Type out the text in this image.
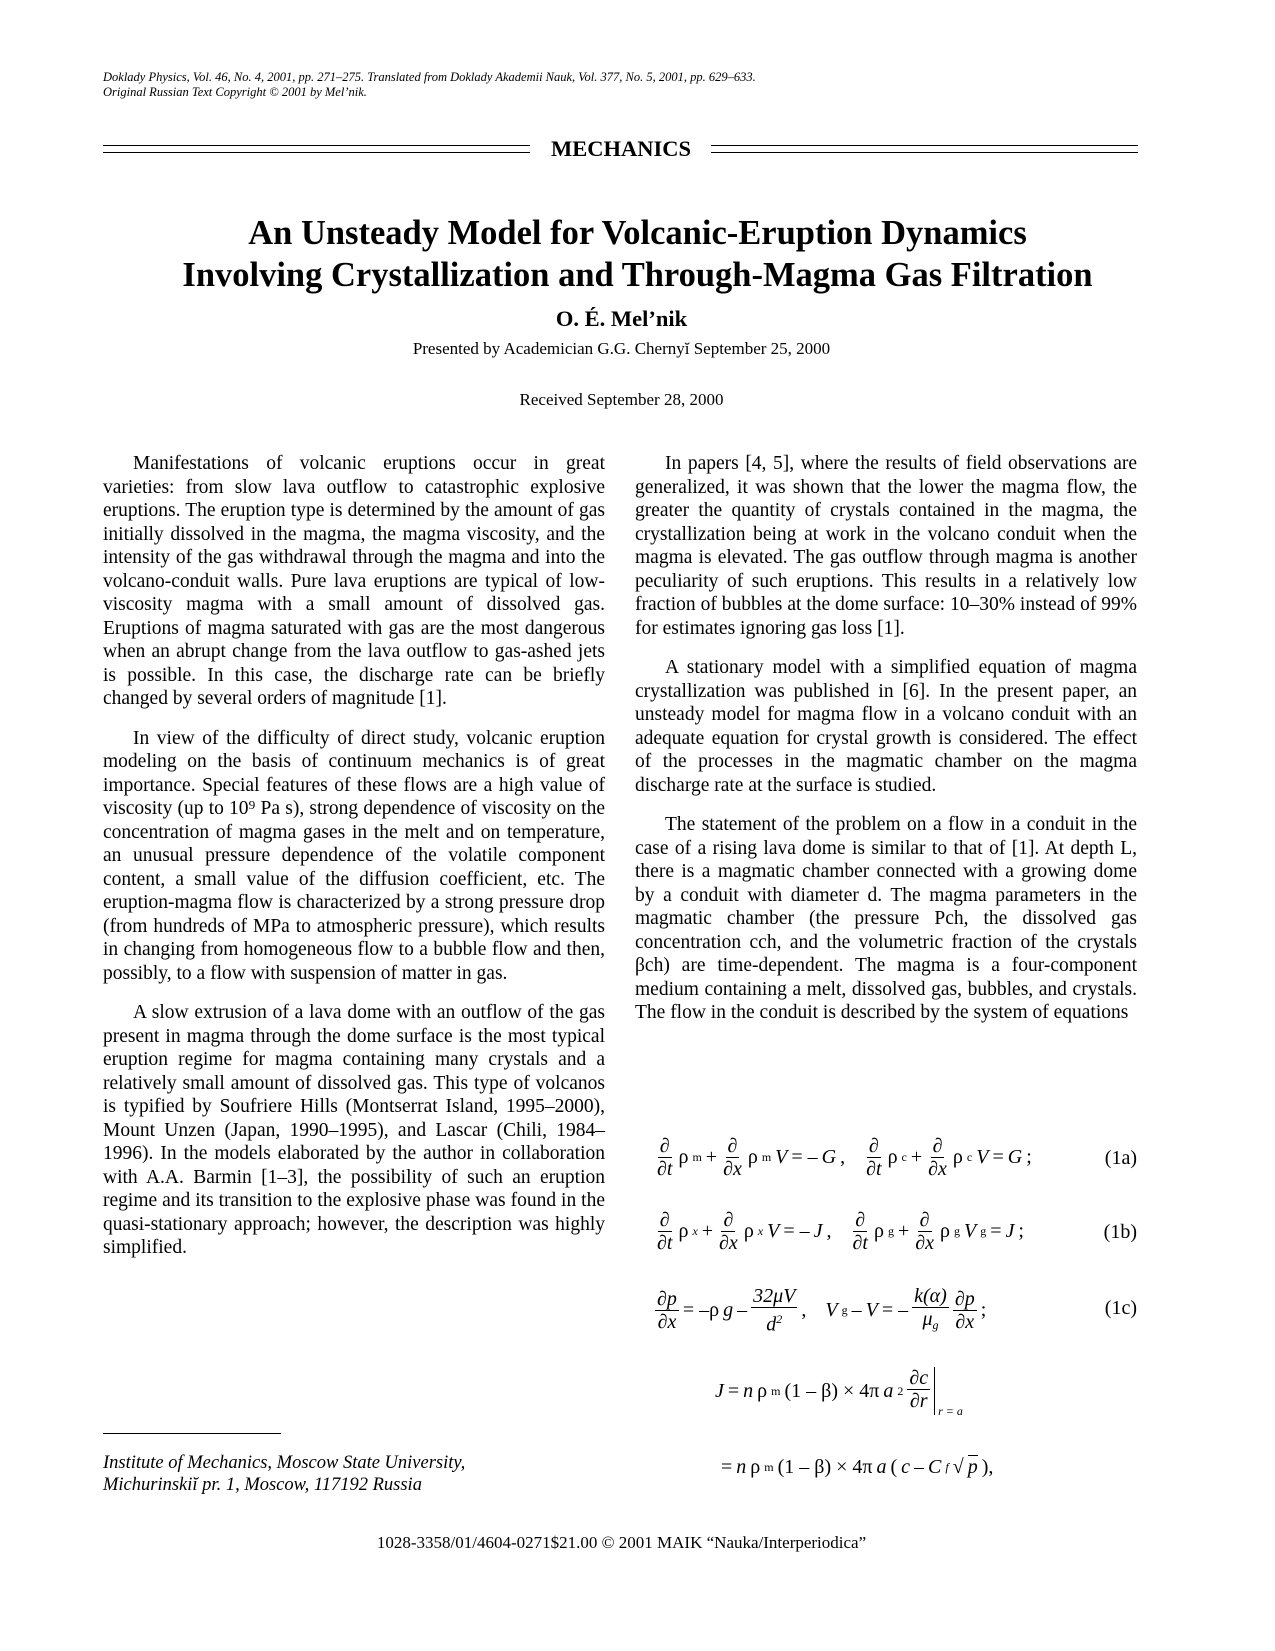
Doklady Physics, Vol. 46, No. 4, 2001, pp. 271–275. Translated from Doklady Akademii Nauk, Vol. 377, No. 5, 2001, pp. 629–633.
Original Russian Text Copyright © 2001 by Mel’nik.
MECHANICS
An Unsteady Model for Volcanic-Eruption Dynamics
Involving Crystallization and Through-Magma Gas Filtration
O. É. Mel’nik
Presented by Academician G.G. Chernyĭ September 25, 2000
Received September 28, 2000

Manifestations of volcanic eruptions occur in great varieties: from slow lava outflow to catastrophic explosive eruptions. The eruption type is determined by the amount of gas initially dissolved in the magma, the magma viscosity, and the intensity of the gas withdrawal through the magma and into the volcano-conduit walls. Pure lava eruptions are typical of low-viscosity magma with a small amount of dissolved gas. Eruptions of magma saturated with gas are the most dangerous when an abrupt change from the lava outflow to gas-ashed jets is possible. In this case, the discharge rate can be briefly changed by several orders of magnitude [1].

In view of the difficulty of direct study, volcanic eruption modeling on the basis of continuum mechanics is of great importance. Special features of these flows are a high value of viscosity (up to 10⁹ Pa s), strong dependence of viscosity on the concentration of magma gases in the melt and on temperature, an unusual pressure dependence of the volatile component content, a small value of the diffusion coefficient, etc. The eruption-magma flow is characterized by a strong pressure drop (from hundreds of MPa to atmospheric pressure), which results in changing from homogeneous flow to a bubble flow and then, possibly, to a flow with suspension of matter in gas.

A slow extrusion of a lava dome with an outflow of the gas present in magma through the dome surface is the most typical eruption regime for magma containing many crystals and a relatively small amount of dissolved gas. This type of volcanos is typified by Soufriere Hills (Montserrat Island, 1995–2000), Mount Unzen (Japan, 1990–1995), and Lascar (Chili, 1984–1996). In the models elaborated by the author in collaboration with A.A. Barmin [1–3], the possibility of such an eruption regime and its transition to the explosive phase was found in the quasi-stationary approach; however, the description was highly simplified.

In papers [4, 5], where the results of field observations are generalized, it was shown that the lower the magma flow, the greater the quantity of crystals contained in the magma, the crystallization being at work in the volcano conduit when the magma is elevated. The gas outflow through magma is another peculiarity of such eruptions. This results in a relatively low fraction of bubbles at the dome surface: 10–30% instead of 99% for estimates ignoring gas loss [1].

A stationary model with a simplified equation of magma crystallization was published in [6]. In the present paper, an unsteady model for magma flow in a volcano conduit with an adequate equation for crystal growth is considered. The effect of the processes in the magmatic chamber on the magma discharge rate at the surface is studied.

The statement of the problem on a flow in a conduit in the case of a rising lava dome is similar to that of [1]. At depth L, there is a magmatic chamber connected with a growing dome by a conduit with diameter d. The magma parameters in the magmatic chamber (the pressure Pch, the dissolved gas concentration cch, and the volumetric fraction of the crystals βch) are time-dependent. The magma is a four-component medium containing a melt, dissolved gas, bubbles, and crystals. The flow in the conduit is described by the system of equations

$\frac{\partial}{\partial t}$ ρ $m + \frac{\partial}{\partial x}$ ρ m V = – G , $\frac{\partial}{\partial t}$ ρ $c + \frac{\partial}{\partial x}$ ρ c V = G ;	(1a)
$\frac{\partial}{\partial t}$ ρ $x + \frac{\partial}{\partial x}$ ρ x V = – J , $\frac{\partial}{\partial t}$ ρ $g + \frac{\partial}{\partial x}$ ρ g V g = J ;	(1b)
$\frac{\partial p}{\partial x} = -\rho$ g – $\frac{32\mu V}{d^2}$ , V g – V = – $\frac{k(\alpha)}{\mu_g} \frac{\partial p}{\partial x}$ ;	(1c)
J = n ρ m (1 – β) × 4π a $2 \frac{\partial c}{\partial r}$ r = a
= n ρ m (1 – β) × 4π a ( c – C f √ p ),
Institute of Mechanics, Moscow State University,
Michurinskiĭ pr. 1, Moscow, 117192 Russia
1028-3358/01/4604-0271$21.00 © 2001 MAIK “Nauka/Interperiodica”
